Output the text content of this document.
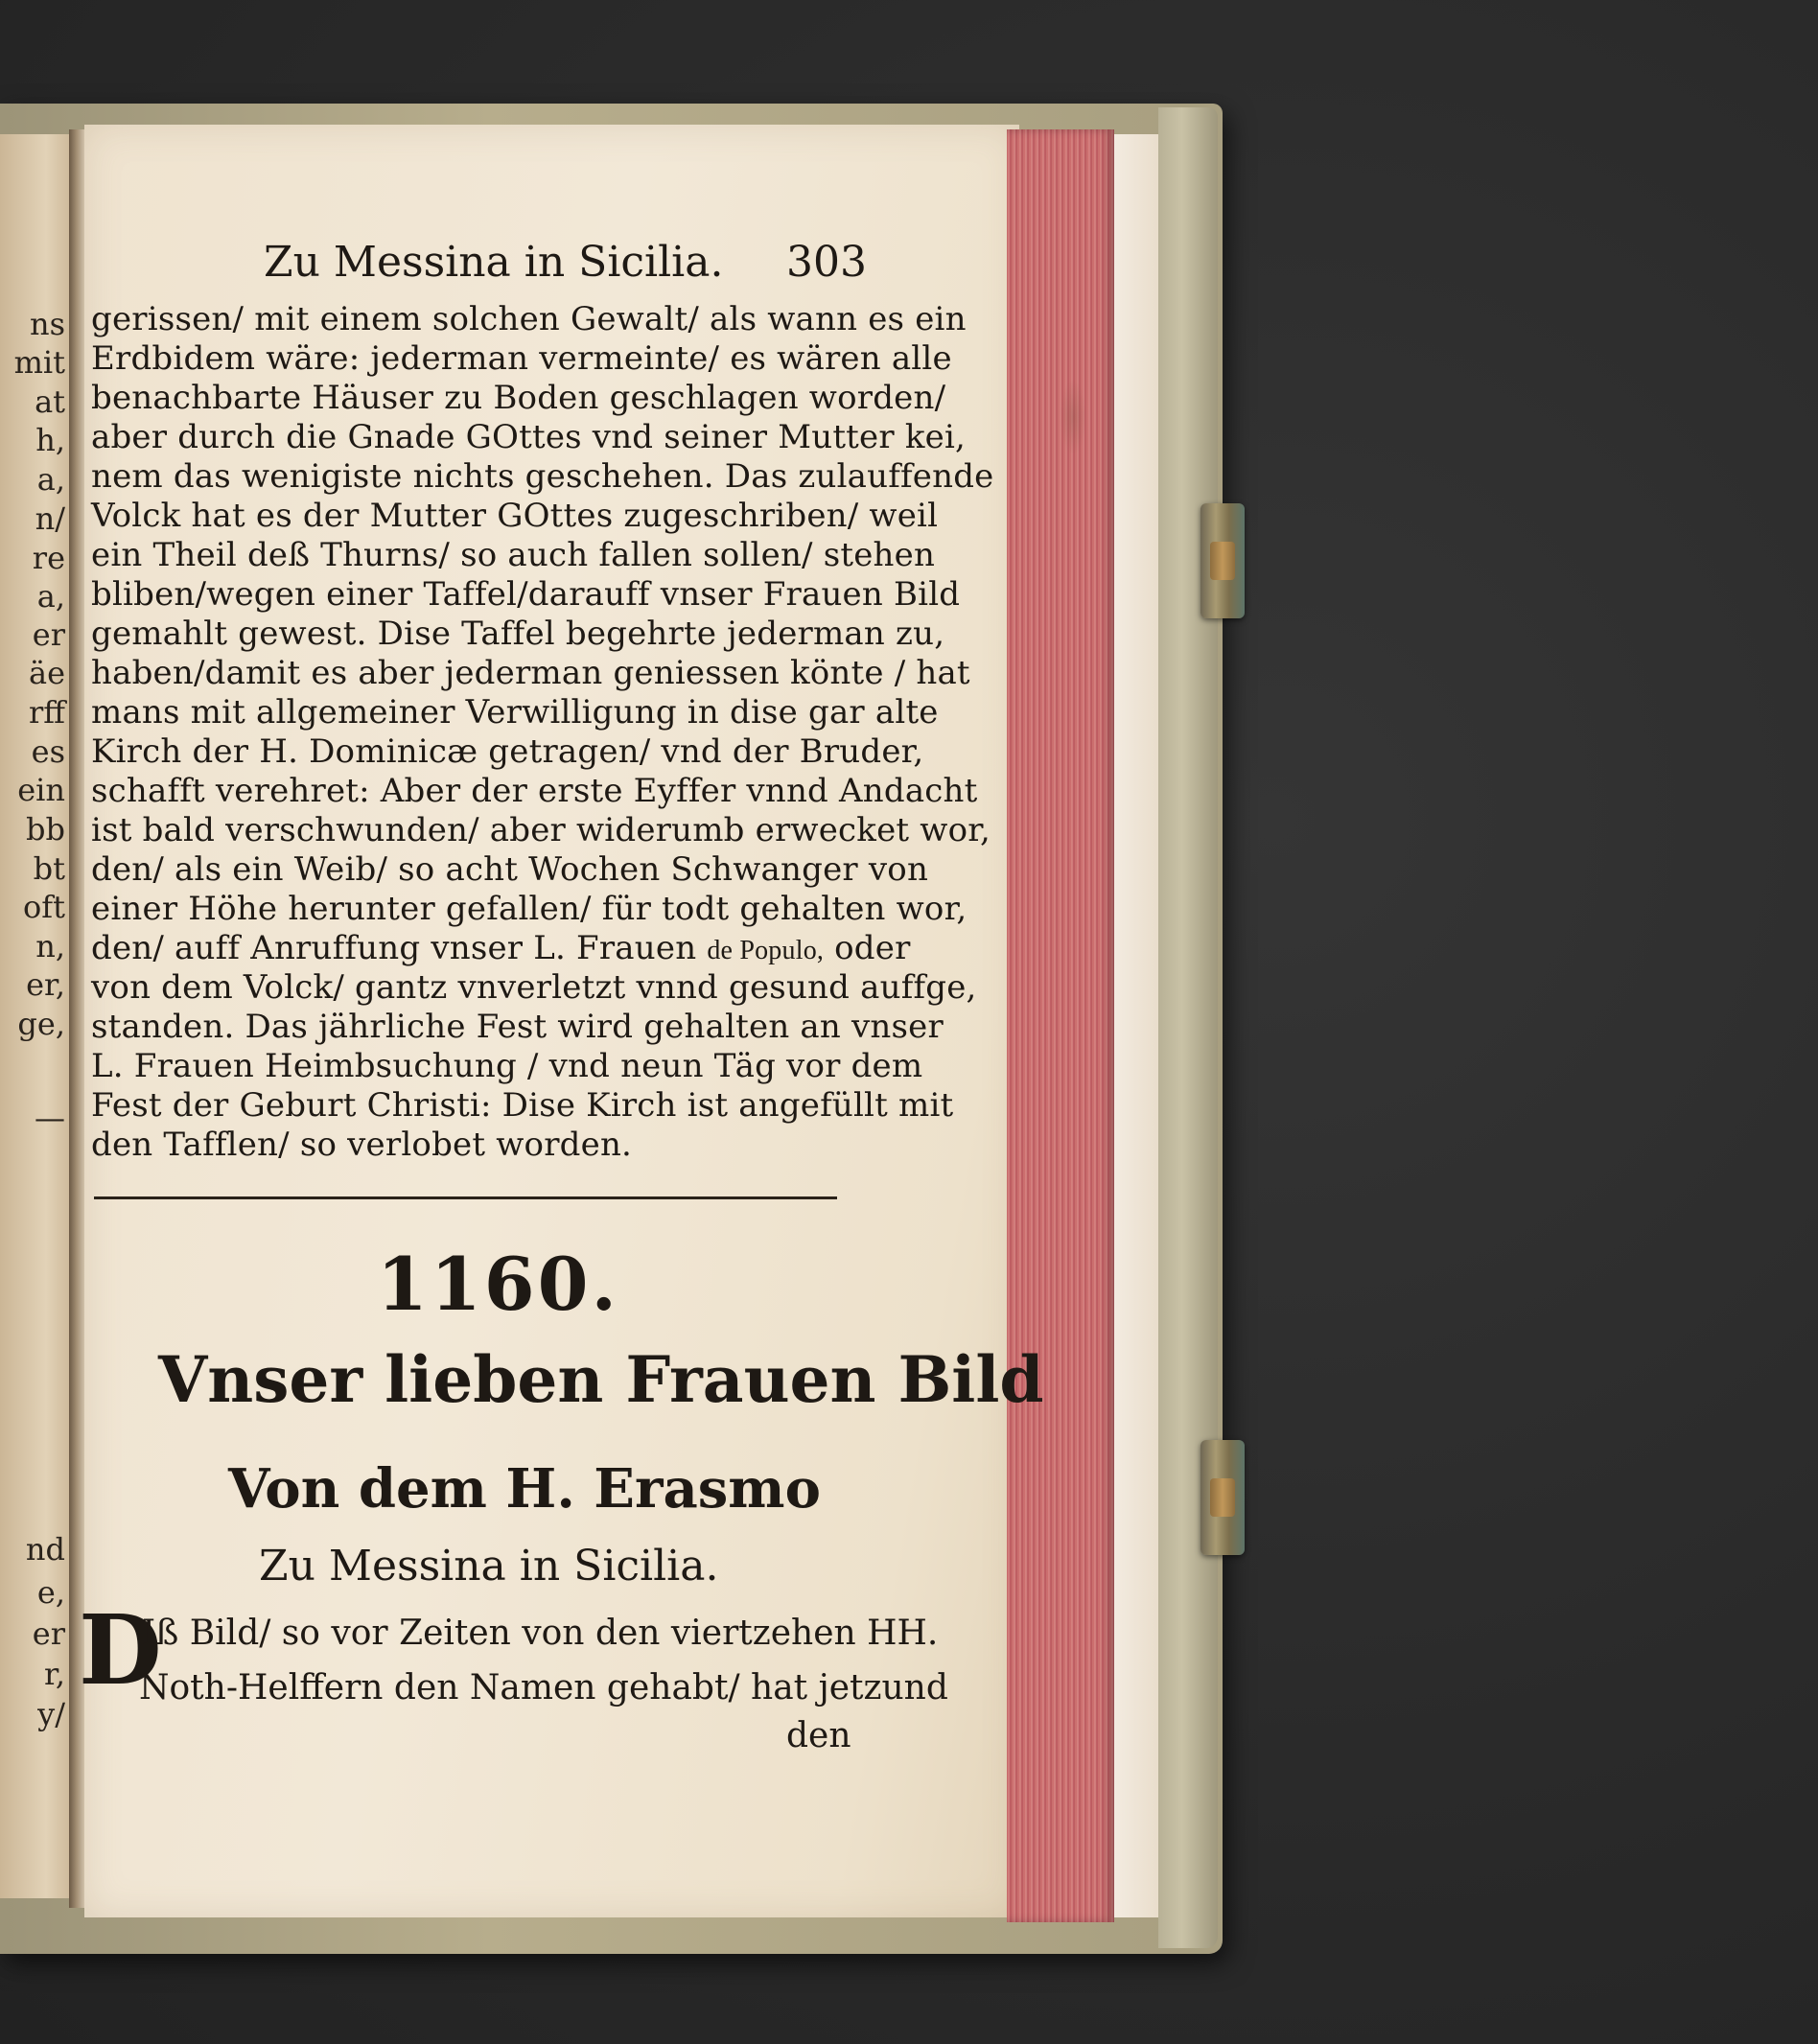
ns
mit
at
h,
a,
n/
re
a,
er
äe
rff
es
ein
bb
bt
oft
n,
er,
ge,
—
nd
e,
er
r,
y/
Zu Messina in Sicilia. 303
gerissen/ mit einem solchen Gewalt/ als wann es ein
Erdbidem wäre: jederman vermeinte/ es wären alle
benachbarte Häuser zu Boden geschlagen worden/
aber durch die Gnade GOttes vnd seiner Mutter kei,
nem das wenigiste nichts geschehen. Das zulauffende
Volck hat es der Mutter GOttes zugeschriben/ weil
ein Theil deß Thurns/ so auch fallen sollen/ stehen
bliben/wegen einer Taffel/darauff vnser Frauen Bild
gemahlt gewest. Dise Taffel begehrte jederman zu,
haben/damit es aber jederman geniessen könte / hat
mans mit allgemeiner Verwilligung in dise gar alte
Kirch der H. Dominicæ getragen/ vnd der Bruder,
schafft verehret: Aber der erste Eyffer vnnd Andacht
ist bald verschwunden/ aber widerumb erwecket wor,
den/ als ein Weib/ so acht Wochen Schwanger von
einer Höhe herunter gefallen/ für todt gehalten wor,
den/ auff Anruffung vnser L. Frauen de Populo, oder
von dem Volck/ gantz vnverletzt vnnd gesund auffge,
standen. Das jährliche Fest wird gehalten an vnser
L. Frauen Heimbsuchung / vnd neun Täg vor dem
Fest der Geburt Christi: Dise Kirch ist angefüllt mit
den Tafflen/ so verlobet worden.
1160.
Vnser lieben Frauen Bild
Von dem H. Erasmo
Zu Messina in Sicilia.
D
Iß Bild/ so vor Zeiten von den viertzehen HH.
Noth-Helffern den Namen gehabt/ hat jetzund
den
